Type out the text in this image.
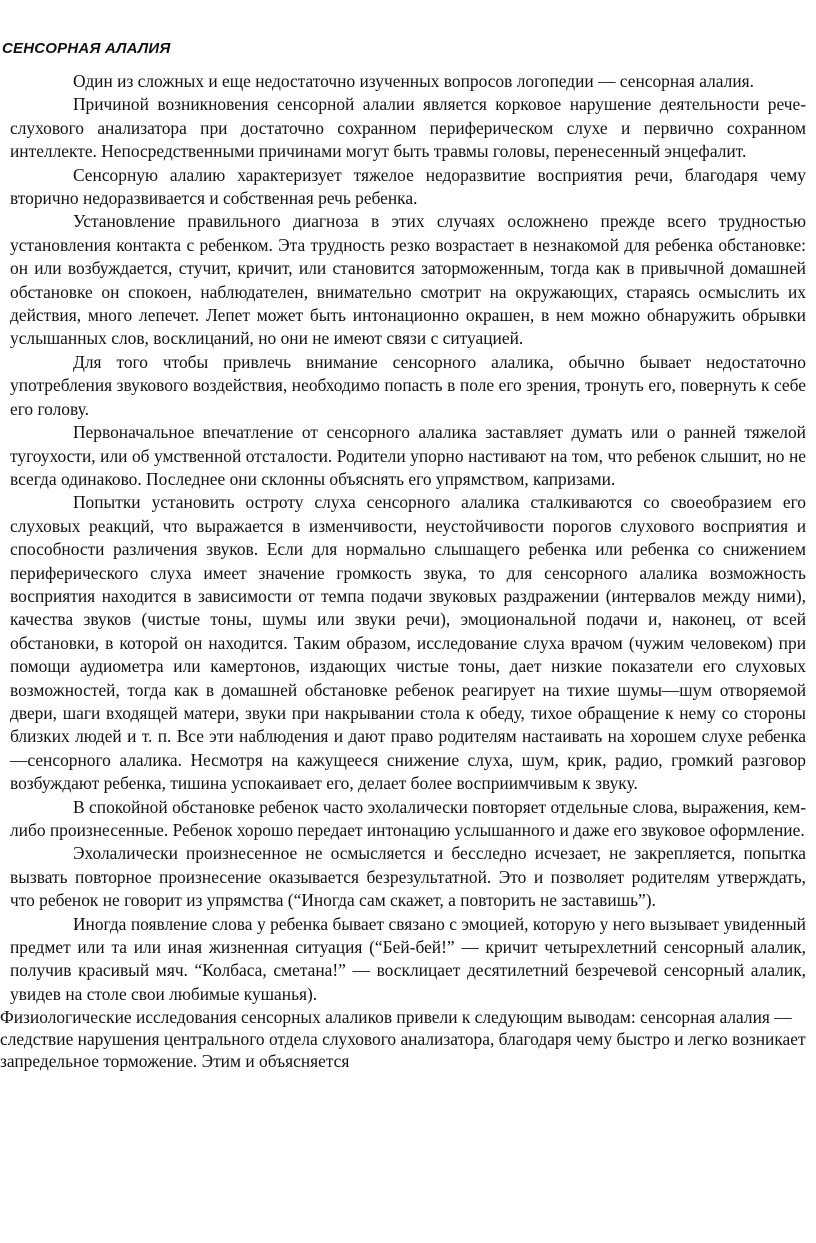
СЕНСОРНАЯ АЛАЛИЯ

Один из сложных и еще недостаточно изученных вопросов логопедии — сенсорная алалия.

Причиной возникновения сенсорной алалии является корковое нарушение деятельности рече-слухового анализатора при достаточно сохранном периферическом слухе и первично сохранном интеллекте. Непосредственными причинами могут быть травмы головы, перенесенный энцефалит.

Сенсорную алалию характеризует тяжелое недоразвитие восприятия речи, благодаря чему вторично недоразвивается и собственная речь ребенка.

Установление правильного диагноза в этих случаях осложнено прежде всего трудностью установления контакта с ребенком. Эта трудность резко возрастает в незнакомой для ребенка обстановке: он или возбуждается, стучит, кричит, или становится заторможенным, тогда как в привычной домашней обстановке он спокоен, наблюдателен, внимательно смотрит на окружающих, стараясь осмыслить их действия, много лепечет. Лепет может быть интонационно окрашен, в нем можно обнаружить обрывки услышанных слов, восклицаний, но они не имеют связи с ситуацией.

Для того чтобы привлечь внимание сенсорного алалика, обычно бывает недостаточно употребления звукового воздействия, необходимо попасть в поле его зрения, тронуть его, повернуть к себе его голову.

Первоначальное впечатление от сенсорного алалика заставляет думать или о ранней тяжелой тугоухости, или об умственной отсталости. Родители упорно настивают на том, что ребенок слышит, но не всегда одинаково. Последнее они склонны объяснять его упрямством, капризами.

Попытки установить остроту слуха сенсорного алалика сталкиваются со своеобразием его слуховых реакций, что выражается в изменчивости, неустойчивости порогов слухового восприятия и способности различения звуков. Если для нормально слышащего ребенка или ребенка со снижением периферического слуха имеет значение громкость звука, то для сенсорного алалика возможность восприятия находится в зависимости от темпа подачи звуковых раздражении (интервалов между ними), качества звуков (чистые тоны, шумы или звуки речи), эмоциональной подачи и, наконец, от всей обстановки, в которой он находится. Таким образом, исследование слуха врачом (чужим человеком) при помощи аудиометра или камертонов, издающих чистые тоны, дает низкие показатели его слуховых возможностей, тогда как в домашней обстановке ребенок реагирует на тихие шумы—шум отворяемой двери, шаги входящей матери, звуки при накрывании стола к обеду, тихое обращение к нему со стороны близких людей и т. п. Все эти наблюдения и дают право родителям настаивать на хорошем слухе ребенка—сенсорного алалика. Несмотря на кажущееся снижение слуха, шум, крик, радио, громкий разговор возбуждают ребенка, тишина успокаивает его, делает более восприимчивым к звуку.

В спокойной обстановке ребенок часто эхолалически повторяет отдельные слова, выражения, кем-либо произнесенные. Ребенок хорошо передает интонацию услышанного и даже его звуковое оформление.

Эхолалически произнесенное не осмысляется и бесследно исчезает, не закрепляется, попытка вызвать повторное произнесение оказывается безрезультатной. Это и позволяет родителям утверждать, что ребенок не говорит из упрямства (“Иногда сам скажет, а повторить не заставишь”).

Иногда появление слова у ребенка бывает связано с эмоцией, которую у него вызывает увиденный предмет или та или иная жизненная ситуация (“Бей-бей!” — кричит четырехлетний сенсорный алалик, получив красивый мяч. “Колбаса, сметана!” — восклицает десятилетний безречевой сенсорный алалик, увидев на столе свои любимые кушанья).

Физиологические исследования сенсорных алаликов привели к следующим выводам: сенсорная алалия — следствие нарушения центрального отдела слухового анализатора, благодаря чему быстро и легко возникает запредельное торможение. Этим и объясняется
